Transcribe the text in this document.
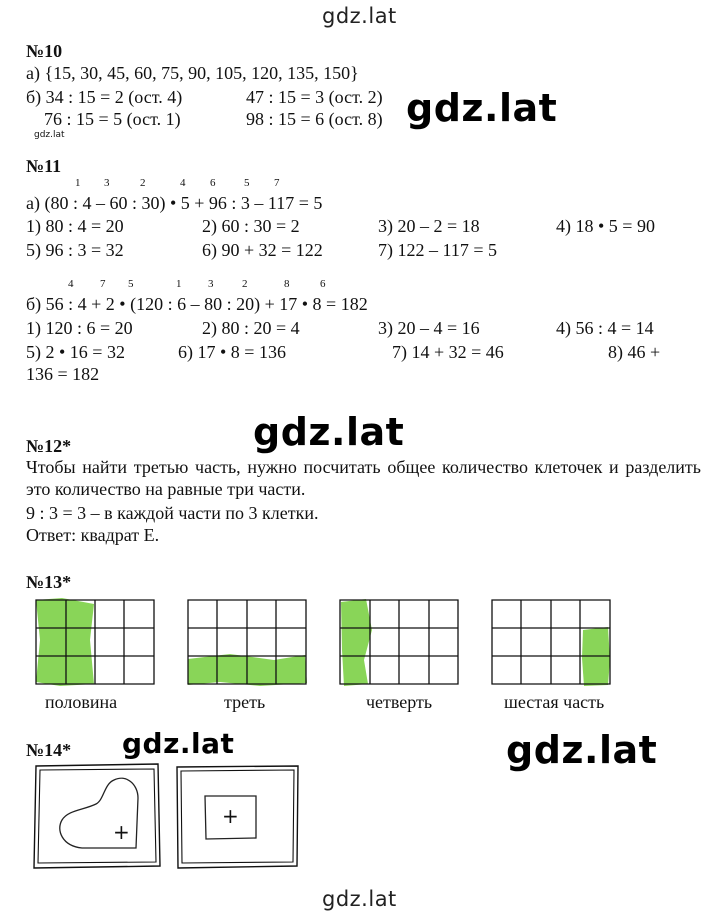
gdz.lat
gdz.lat
gdz.lat
gdz.lat
gdz.lat
gdz.lat
gdz.lat
№10
а) {15, 30, 45, 60, 75, 90, 105, 120, 135, 150}
б) 34 : 15 = 2 (ост. 4)	47 : 15 = 3 (ост. 2)
76 : 15 = 5 (ост. 1)	98 : 15 = 6 (ост. 8)
№11
1 3	2	4 6	5 7
а) (80 : 4 – 60 : 30) • 5 + 96 : 3 – 117 = 5
1) 80 : 4 = 20	2) 60 : 30 = 2	3) 20 – 2 = 18	4) 18 • 5 = 90
5) 96 : 3 = 32	6) 90 + 32 = 122	7) 122 – 117 = 5
4 7 5	1 3	2	8	6
б) 56 : 4 + 2 • (120 : 6 – 80 : 20) + 17 • 8 = 182
1) 120 : 6 = 20	2) 80 : 20 = 4	3) 20 – 4 = 16	4) 56 : 4 = 14
5) 2 • 16 = 32	6) 17 • 8 = 136	7) 14 + 32 = 46	8) 46 +
136 = 182
№12*
Чтобы найти третью часть, нужно посчитать общее количество клеточек и разделить это количество на равные три части.
9 : 3 = 3 – в каждой части по 3 клетки.
Ответ: квадрат Е.
№13*
половина	треть	четверть	шестая часть
№14*
+
+
